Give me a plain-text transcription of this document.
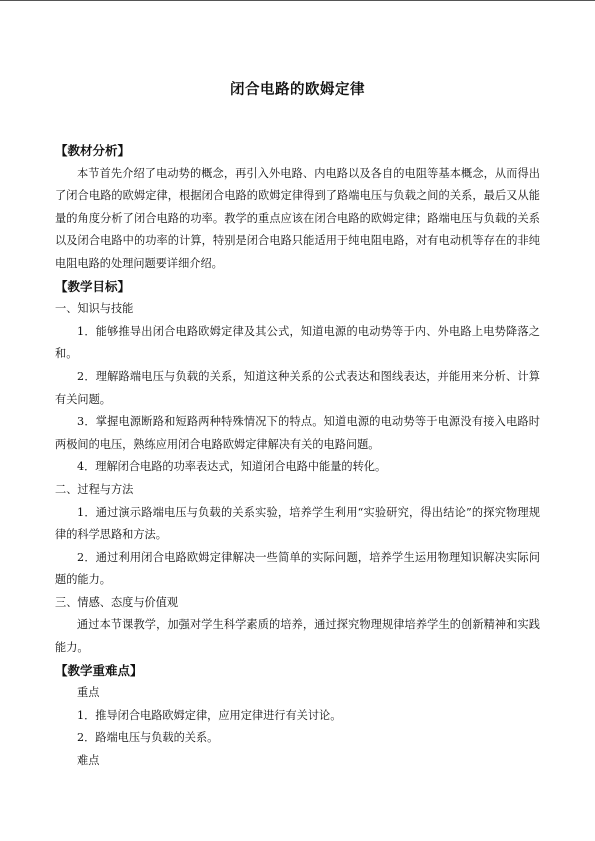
闭合电路的欧姆定律
【教材分析】
本节首先介绍了电动势的概念，再引入外电路、内电路以及各自的电阻等基本概念，从而得出了闭合电路的欧姆定律，根据闭合电路的欧姆定律得到了路端电压与负载之间的关系，最后又从能量的角度分析了闭合电路的功率。教学的重点应该在闭合电路的欧姆定律；路端电压与负载的关系以及闭合电路中的功率的计算，特别是闭合电路只能适用于纯电阻电路，对有电动机等存在的非纯电阻电路的处理问题要详细介绍。
【教学目标】
一、知识与技能
1．能够推导出闭合电路欧姆定律及其公式，知道电源的电动势等于内、外电路上电势降落之和。
2．理解路端电压与负载的关系，知道这种关系的公式表达和图线表达，并能用来分析、计算有关问题。
3．掌握电源断路和短路两种特殊情况下的特点。知道电源的电动势等于电源没有接入电路时两极间的电压，熟练应用闭合电路欧姆定律解决有关的电路问题。
4．理解闭合电路的功率表达式，知道闭合电路中能量的转化。
二、过程与方法
1．通过演示路端电压与负载的关系实验，培养学生利用“实验研究，得出结论”的探究物理规律的科学思路和方法。
2．通过利用闭合电路欧姆定律解决一些简单的实际问题，培养学生运用物理知识解决实际问题的能力。
三、情感、态度与价值观
通过本节课教学，加强对学生科学素质的培养，通过探究物理规律培养学生的创新精神和实践能力。
【教学重难点】
重点
1．推导闭合电路欧姆定律，应用定律进行有关讨论。
2．路端电压与负载的关系。
难点
